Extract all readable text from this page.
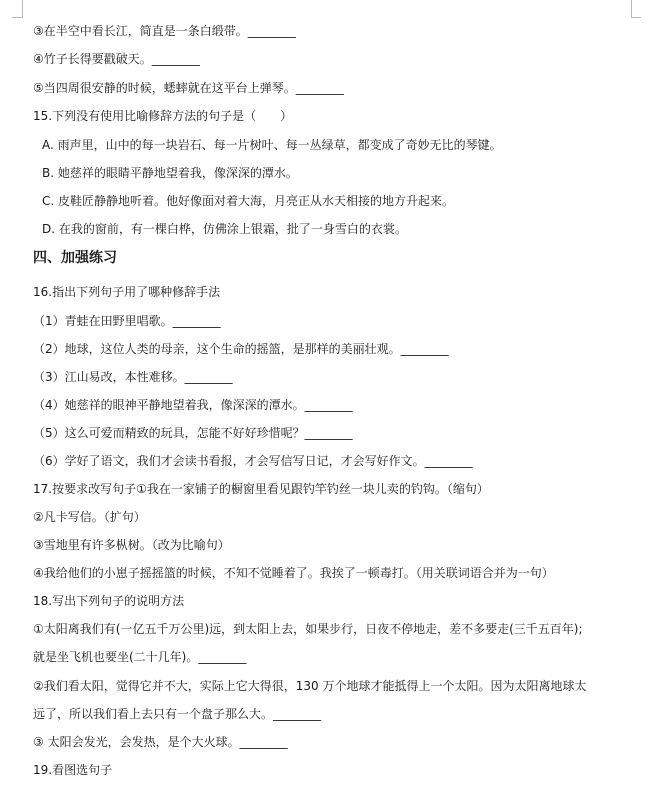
③在半空中看长江，简直是一条白缎带。________
④竹子长得要戳破天。________
⑤当四周很安静的时候，蟋蟀就在这平台上弹琴。________
15.下列没有使用比喻修辞方法的句子是（　　）
A. 雨声里，山中的每一块岩石、每一片树叶、每一丛绿草，都变成了奇妙无比的琴键。
B. 她慈祥的眼睛平静地望着我，像深深的潭水。
C. 皮鞋匠静静地听着。他好像面对着大海，月亮正从水天相接的地方升起来。
D. 在我的窗前，有一棵白桦，仿佛涂上银霜，批了一身雪白的衣裳。
四、加强练习
16.指出下列句子用了哪种修辞手法
（1）青蛙在田野里唱歌。________
（2）地球，这位人类的母亲，这个生命的摇篮，是那样的美丽壮观。________
（3）江山易改，本性难移。________
（4）她慈祥的眼神平静地望着我，像深深的潭水。________
（5）这么可爱而精致的玩具，怎能不好好珍惜呢？________
（6）学好了语文，我们才会读书看报，才会写信写日记，才会写好作文。________
17.按要求改写句子①我在一家铺子的橱窗里看见跟钓竿钓丝一块儿卖的钓钩。（缩句）
②凡卡写信。（扩句）
③雪地里有许多枞树。（改为比喻句）
④我给他们的小崽子摇摇篮的时候，不知不觉睡着了。我挨了一顿毒打。（用关联词语合并为一句）
18.写出下列句子的说明方法
①太阳离我们有(一亿五千万公里)远，到太阳上去，如果步行，日夜不停地走，差不多要走(三千五百年);
就是坐飞机也要坐(二十几年)。________
②我们看太阳，觉得它并不大，实际上它大得很，130 万个地球才能抵得上一个太阳。因为太阳离地球太
远了，所以我们看上去只有一个盘子那么大。________
③ 太阳会发光，会发热，是个大火球。________
19.看图选句子
